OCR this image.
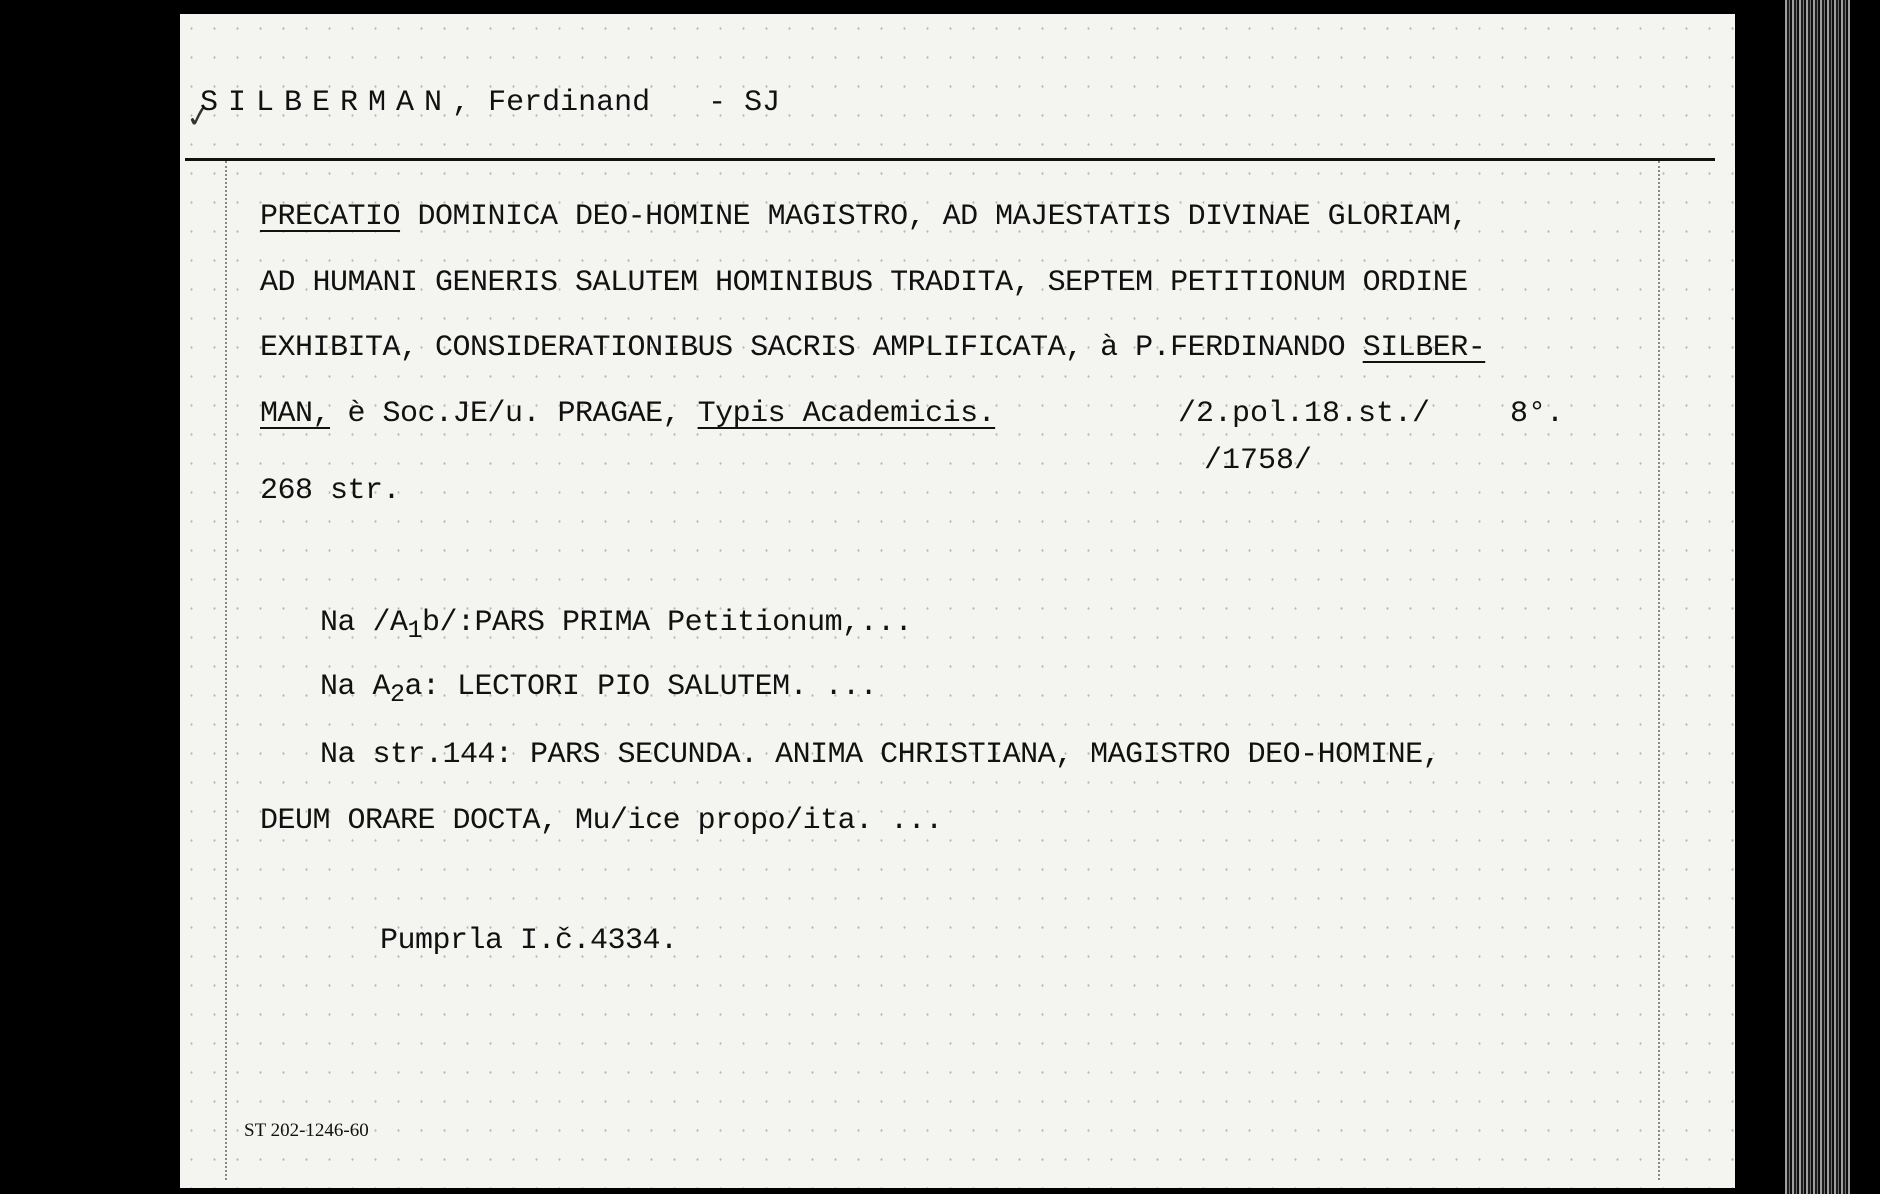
✓
SILBERMAN, Ferdinand - SJ
PRECATIO DOMINICA DEO-HOMINE MAGISTRO, AD MAJESTATIS DIVINAE GLORIAM,
AD HUMANI GENERIS SALUTEM HOMINIBUS TRADITA, SEPTEM PETITIONUM ORDINE
EXHIBITA, CONSIDERATIONIBUS SACRIS AMPLIFICATA, à P.FERDINANDO SILBER-
MAN, è Soc.JE/u. PRAGAE, Typis Academicis.	/2.pol.18.st./	8°.
/1758/
268 str.
Na $/A_1b/:PARS$ PRIMA Petitionum,...
Na $A_2a$: LECTORI PIO SALUTEM. ...
Na str.144: PARS SECUNDA. ANIMA CHRISTIANA, MAGISTRO DEO-HOMINE,
DEUM ORARE DOCTA, Mu/ice propo/ita. ...
Pumprla I.č.4334.
ST 202-1246-60
